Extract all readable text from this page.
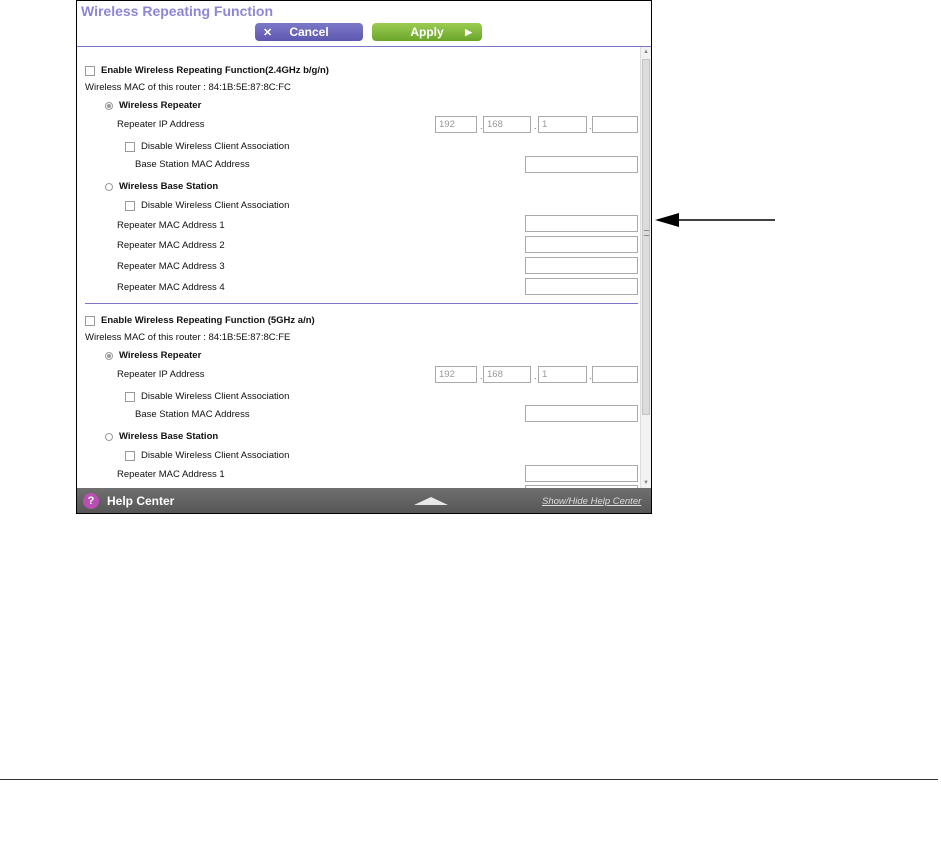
Wireless Repeating Function
✕ Cancel	Apply ▶
Enable Wireless Repeating Function(2.4GHz b/g/n)
Wireless MAC of this router : 84:1B:5E:87:8C:FC
Wireless Repeater
Repeater IP Address	192	. 168	. 1	.
Disable Wireless Client Association
Base Station MAC Address
Wireless Base Station
Disable Wireless Client Association
Repeater MAC Address 1
Repeater MAC Address 2
Repeater MAC Address 3
Repeater MAC Address 4
Enable Wireless Repeating Function (5GHz a/n)
Wireless MAC of this router : 84:1B:5E:87:8C:FE
Wireless Repeater
Repeater IP Address	192	. 168	. 1	.
Disable Wireless Client Association
Base Station MAC Address
Wireless Base Station
Disable Wireless Client Association
Repeater MAC Address 1
▲
▼
?	Help Center	Show/Hide Help Center
